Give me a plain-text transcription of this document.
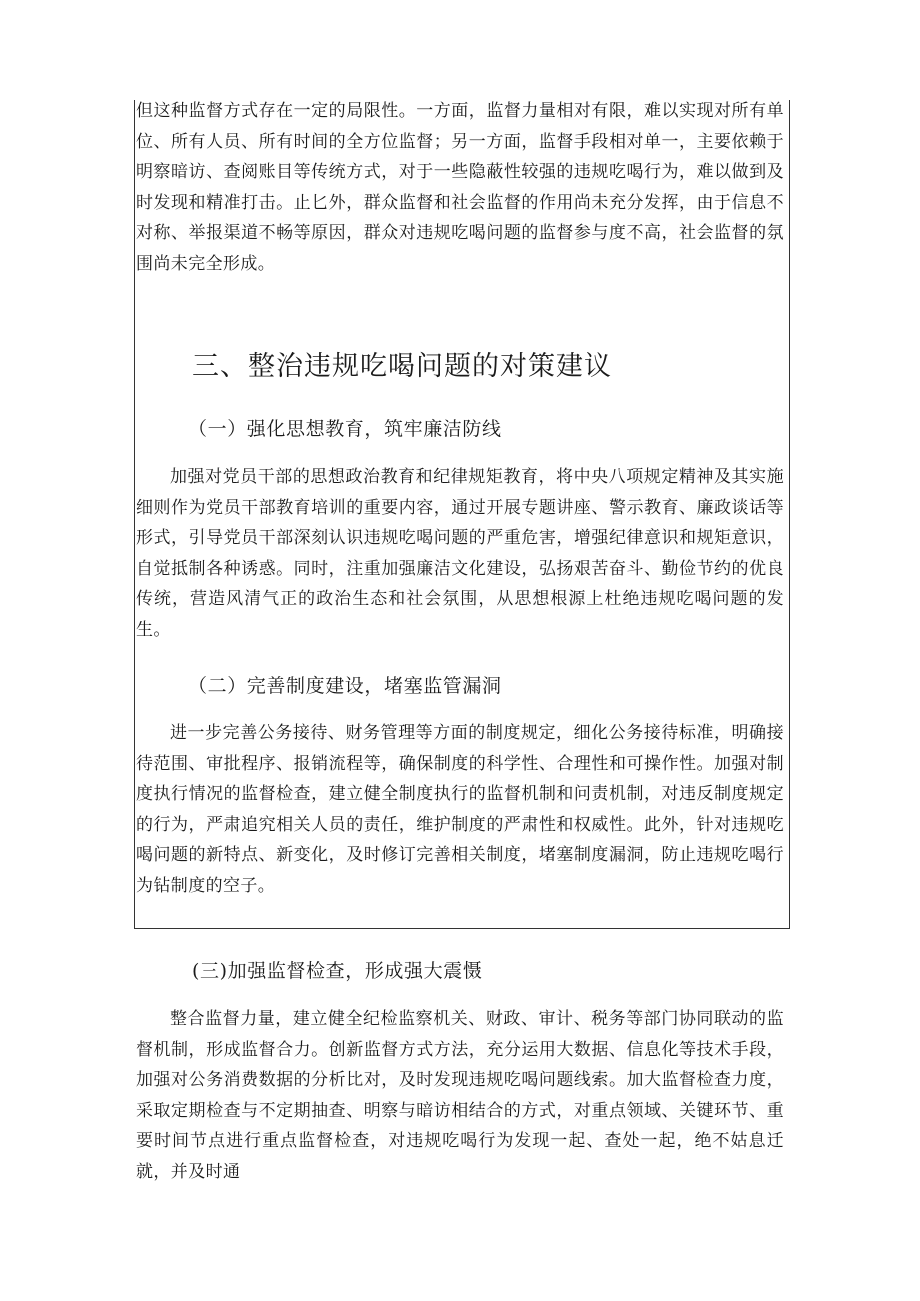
但这种监督方式存在一定的局限性。一方面，监督力量相对有限，难以实现对所有单位、所有人员、所有时间的全方位监督；另一方面，监督手段相对单一，主要依赖于明察暗访、查阅账目等传统方式，对于一些隐蔽性较强的违规吃喝行为，难以做到及时发现和精准打击。止匕外，群众监督和社会监督的作用尚未充分发挥，由于信息不对称、举报渠道不畅等原因，群众对违规吃喝问题的监督参与度不高，社会监督的氛围尚未完全形成。

三、整治违规吃喝问题的对策建议
（一）强化思想教育，筑牢廉洁防线

加强对党员干部的思想政治教育和纪律规矩教育，将中央八项规定精神及其实施细则作为党员干部教育培训的重要内容，通过开展专题讲座、警示教育、廉政谈话等形式，引导党员干部深刻认识违规吃喝问题的严重危害，增强纪律意识和规矩意识，自觉抵制各种诱惑。同时，注重加强廉洁文化建设，弘扬艰苦奋斗、勤俭节约的优良传统，营造风清气正的政治生态和社会氛围，从思想根源上杜绝违规吃喝问题的发生。

（二）完善制度建设，堵塞监管漏洞

进一步完善公务接待、财务管理等方面的制度规定，细化公务接待标准，明确接待范围、审批程序、报销流程等，确保制度的科学性、合理性和可操作性。加强对制度执行情况的监督检查，建立健全制度执行的监督机制和问责机制，对违反制度规定的行为，严肃追究相关人员的责任，维护制度的严肃性和权威性。此外，针对违规吃喝问题的新特点、新变化，及时修订完善相关制度，堵塞制度漏洞，防止违规吃喝行为钻制度的空子。

(三)加强监督检查，形成强大震慑

整合监督力量，建立健全纪检监察机关、财政、审计、税务等部门协同联动的监督机制，形成监督合力。创新监督方式方法，充分运用大数据、信息化等技术手段，加强对公务消费数据的分析比对，及时发现违规吃喝问题线索。加大监督检查力度，采取定期检查与不定期抽查、明察与暗访相结合的方式，对重点领域、关键环节、重要时间节点进行重点监督检查，对违规吃喝行为发现一起、查处一起，绝不姑息迁就，并及时通
